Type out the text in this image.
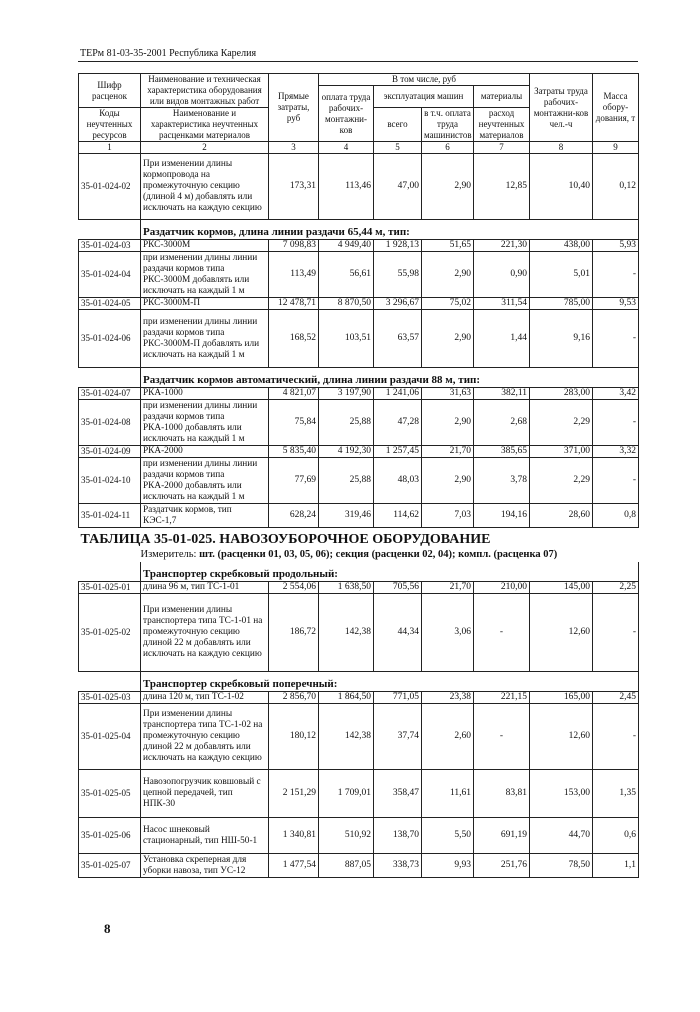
ТЕРм 81-03-35-2001 Республика Карелия
Шифр расценок	Наименование и техническая характеристика оборудования или видов монтажных работ	Прямые затраты, руб	В том числе, руб				Затраты труда рабочих-монтажни-ков чел.-ч	Масса обору-дования, т
			оплата труда рабочих-монтажни-ков	эксплуатация машин		материалы		
Коды неучтенных ресурсов	Наименование и характеристика неучтенных расценками материалов			всего	в т.ч. оплата труда машинистов	расход неучтенных материалов		

1	2	3	4	5	6	7	8	9
35-01-024-02	При изменении длины кормопровода на промежуточную секцию (длиной 4 м) добавлять или исключать на каждую секцию	173,31	113,46	47,00	2,90	12,85	10,40	0,12
	Раздатчик кормов, длина линии раздачи 65,44 м, тип:							
35-01-024-03	РКС-3000М	7 098,83	4 949,40	1 928,13	51,65	221,30	438,00	5,93
35-01-024-04	при изменении длины линии раздачи кормов типа РКС-3000М добавлять или исключать на каждый 1 м	113,49	56,61	55,98	2,90	0,90	5,01	-
35-01-024-05	РКС-3000М-П	12 478,71	8 870,50	3 296,67	75,02	311,54	785,00	9,53
35-01-024-06	при изменении длины линии раздачи кормов типа РКС-3000М-П добавлять или исключать на каждый 1 м	168,52	103,51	63,57	2,90	1,44	9,16	-
	Раздатчик кормов автоматический, длина линии раздачи 88 м, тип:							
35-01-024-07	РКА-1000	4 821,07	3 197,90	1 241,06	31,63	382,11	283,00	3,42
35-01-024-08	при изменении длины линии раздачи кормов типа РКА-1000 добавлять или исключать на каждый 1 м	75,84	25,88	47,28	2,90	2,68	2,29	-
35-01-024-09	РКА-2000	5 835,40	4 192,30	1 257,45	21,70	385,65	371,00	3,32
35-01-024-10	при изменении длины линии раздачи кормов типа РКА-2000 добавлять или исключать на каждый 1 м	77,69	25,88	48,03	2,90	3,78	2,29	-
35-01-024-11	Раздатчик кормов, тип КЭС-1,7	628,24	319,46	114,62	7,03	194,16	28,60	0,8
ТАБЛИЦА 35-01-025. НАВОЗОУБОРОЧНОЕ ОБОРУДОВАНИЕ								
Измеритель: шт. (расценки 01, 03, 05, 06); секция (расценки 02, 04); компл. (расценка 07)								
	Транспортер скребковый продольный:							
35-01-025-01	длина 96 м, тип ТС-1-01	2 554,06	1 638,50	705,56	21,70	210,00	145,00	2,25
35-01-025-02	При изменении длины транспортера типа ТС-1-01 на промежуточную секцию длиной 22 м добавлять или исключать на каждую секцию	186,72	142,38	44,34	3,06	-	12,60	-
	Транспортер скребковый поперечный:							
35-01-025-03	длина 120 м, тип ТС-1-02	2 856,70	1 864,50	771,05	23,38	221,15	165,00	2,45
35-01-025-04	При изменении длины транспортера типа ТС-1-02 на промежуточную секцию длиной 22 м добавлять или исключать на каждую секцию	180,12	142,38	37,74	2,60	-	12,60	-
35-01-025-05	Навозопогрузчик ковшовый с цепной передачей, тип НПК-30	2 151,29	1 709,01	358,47	11,61	83,81	153,00	1,35
35-01-025-06	Насос шнековый стационарный, тип НШ-50-1	1 340,81	510,92	138,70	5,50	691,19	44,70	0,6
35-01-025-07	Установка скреперная для уборки навоза, тип УС-12	1 477,54	887,05	338,73	9,93	251,76	78,50	1,1
8
